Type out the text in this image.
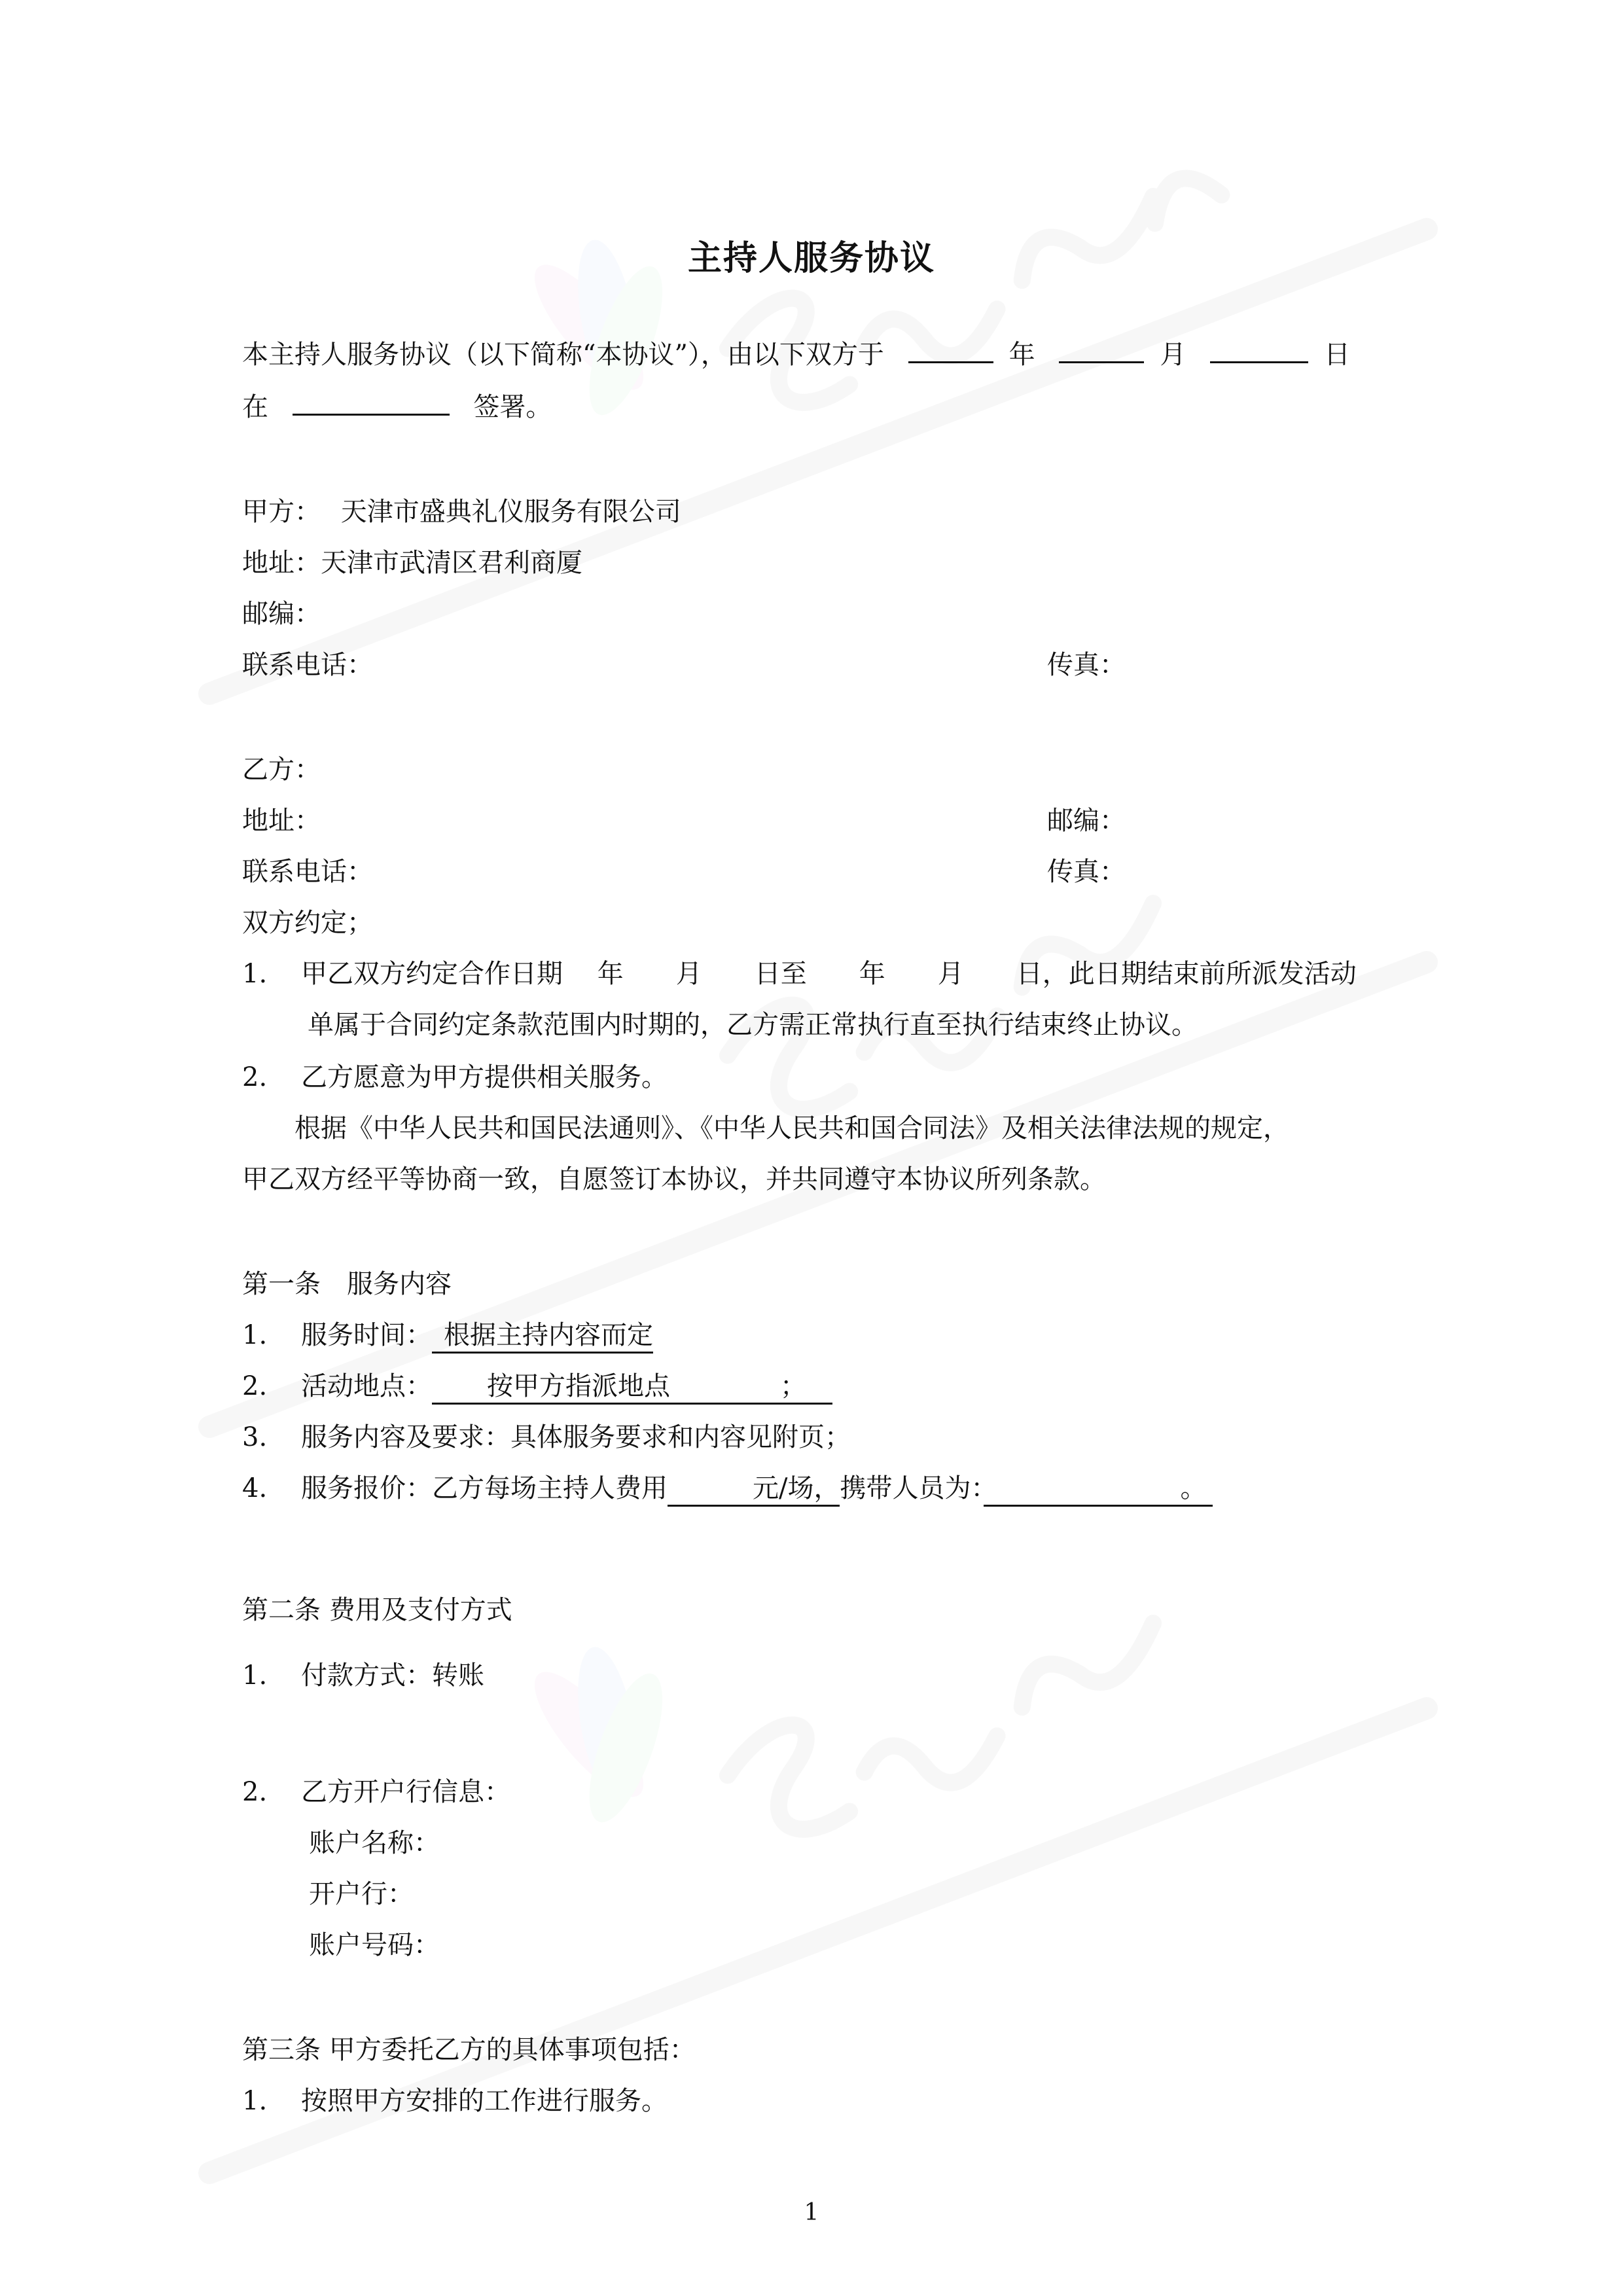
主持人服务协议
本主持人服务协议（以下简称“本协议”），由以下双方于	年	月	日
在	签署。
甲方： 天津市盛典礼仪服务有限公司
地址：天津市武清区君利商厦
邮编：
联系电话：	传真：
乙方：
地址：	邮编：
联系电话：	传真：
双方约定；
1. 甲乙双方约定合作日期　 年　　月　　日至　　年　　月　　日，此日期结束前所派发活动
单属于合同约定条款范围内时期的，乙方需正常执行直至执行结束终止协议。
2. 乙方愿意为甲方提供相关服务。
根据《中华人民共和国民法通则》、《中华人民共和国合同法》及相关法律法规的规定，
甲乙双方经平等协商一致，自愿签订本协议，并共同遵守本协议所列条款。
第一条　服务内容
1. 服务时间： 根据主持内容而定
2. 活动地点： 按甲方指派地点	；
3. 服务内容及要求：具体服务要求和内容见附页；
4. 服务报价：乙方每场主持人费用	元/场，携带人员为：	。
第二条 费用及支付方式
1. 付款方式：转账
2. 乙方开户行信息：
账户名称：
开户行：
账户号码：
第三条 甲方委托乙方的具体事项包括：
1. 按照甲方安排的工作进行服务。
1
